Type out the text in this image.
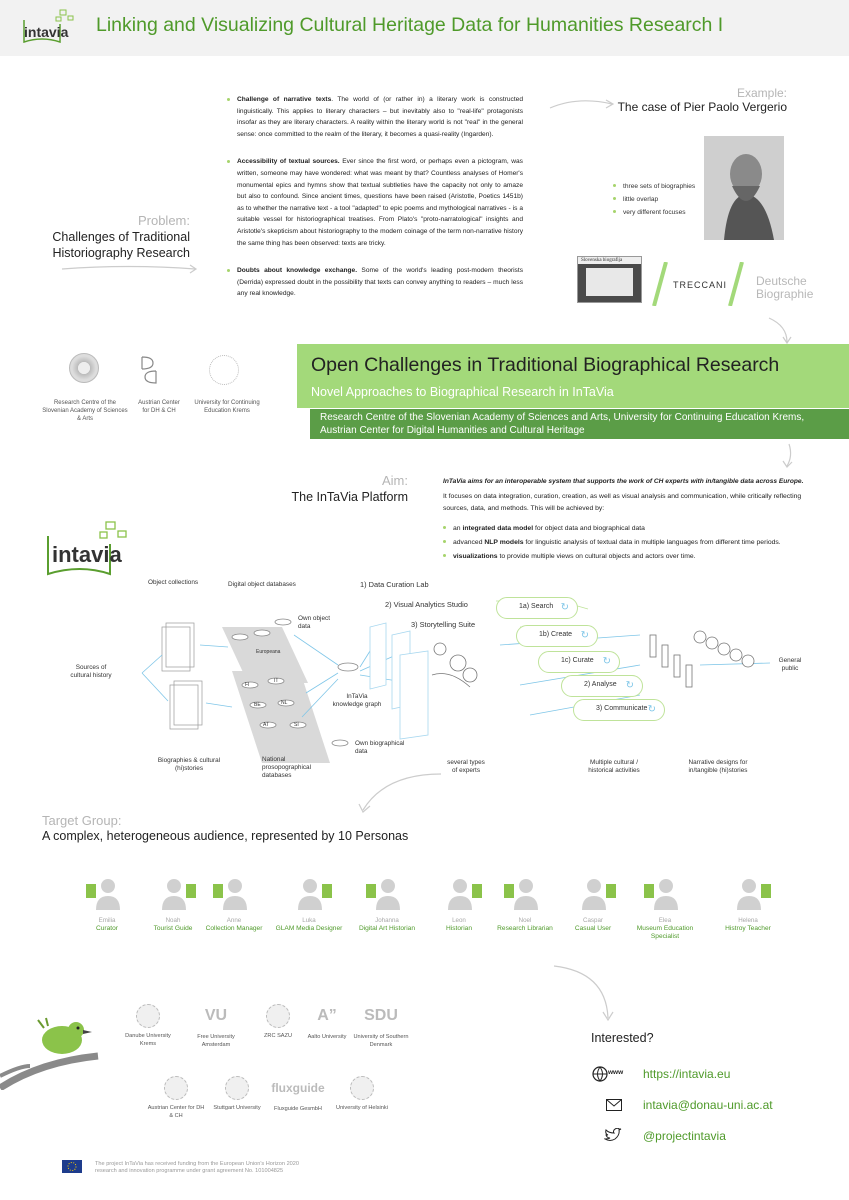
intavia Linking and Visualizing Cultural Heritage Data for Humanities Research I
Problem:
Challenges of Traditional
Historiography Research
Challenge of narrative texts. The world of (or rather in) a literary work is constructed linguistically. This applies to literary characters – but inevitably also to "real-life" protagonists insofar as they are literary characters. A reality within the literary world is not "real" in the general sense: once committed to the realm of the literary, it becomes a quasi-reality (Ingarden).
Accessibility of textual sources. Ever since the first word, or perhaps even a pictogram, was written, someone may have wondered: what was meant by that? Countless analyses of Homer's monumental epics and hymns show that textual subtleties have the capacity not only to amaze but also to confound. Since ancient times, questions have been raised (Aristotle, Poetics 1451b) as to whether the narrative text - a tool "adapted" to epic poems and mythological narratives - is a suitable vessel for historiographical treatises. From Plato's "proto-narratological" insights and Aristotle's skepticism about historiography to the modern coinage of the term non-narrative history the same thing has been observed: texts are tricky.
Doubts about knowledge exchange. Some of the world's leading post-modern theorists (Derrida) expressed doubt in the possibility that texts can convey anything to readers – much less any real knowledge.
Example:
The case of Pier Paolo Vergerio
three sets of biographies
little overlap
very different focuses
Slovenska biografija
TRECCANI Deutsche
Biographie
Research Centre of the Slovenian Academy of Sciences & Arts
Austrian Center for DH & CH
University for Continuing Education Krems
Open Challenges in Traditional Biographical Research
Novel Approaches to Biographical Research in InTaVia
Research Centre of the Slovenian Academy of Sciences and Arts, University for Continuing Education Krems,
Austrian Center for Digital Humanities and Cultural Heritage
Aim:
The InTaVia Platform
InTaVia aims for an interoperable system that supports the work of CH experts with in/tangible data across Europe.
It focuses on data integration, curation, creation, as well as visual analysis and communication, while critically reflecting sources, data, and methods. This will be achieved by:
an integrated data model for object data and biographical data
advanced NLP models for linguistic analysis of textual data in multiple languages from different time periods.
visualizations to provide multiple views on cultural objects and actors over time.
intavia
Object collections	Digital object databases
Own object data
Europeana
Sources of cultural history
Biographies & cultural (hi)stories
National prosopographical databases
InTaVia knowledge graph
Own biographical data
IT
BE	NL
AT	SI
FI
1) Data Curation Lab
2) Visual Analytics Studio
3) Storytelling Suite
several types of experts
Multiple cultural / historical activities
Narrative designs for in/tangible (hi)stories
General public
1a) Search ↻
1b) Create ↻
1c) Curate ↻
2) Analyse ↻
3) Communicate ↻
Target Group:
A complex, heterogeneous audience, represented by 10 Personas
Emilia
Curator
Noah
Tourist Guide
Anne
Collection Manager
Luka
GLAM Media Designer
Johanna
Digital Art Historian
Leon
Historian
Noel
Research Librarian
Caspar
Casual User
Elea
Museum Education Specialist
Helena
Histroy Teacher
Danube University Krems
VU
Free University Amsterdam
ZRC SAZU
A”
Aalto University
SDU
University of Southern Denmark
Austrian Center for DH & CH
Stuttgart University
fluxguide
Fluxguide GesmbH	University of Helsinki
Interested?
www https://intavia.eu
intavia@donau-uni.ac.at
@projectintavia
The project InTaVia has received funding from the European Union's Horizon 2020
research and innovation programme under grant agreement No. 101004825
